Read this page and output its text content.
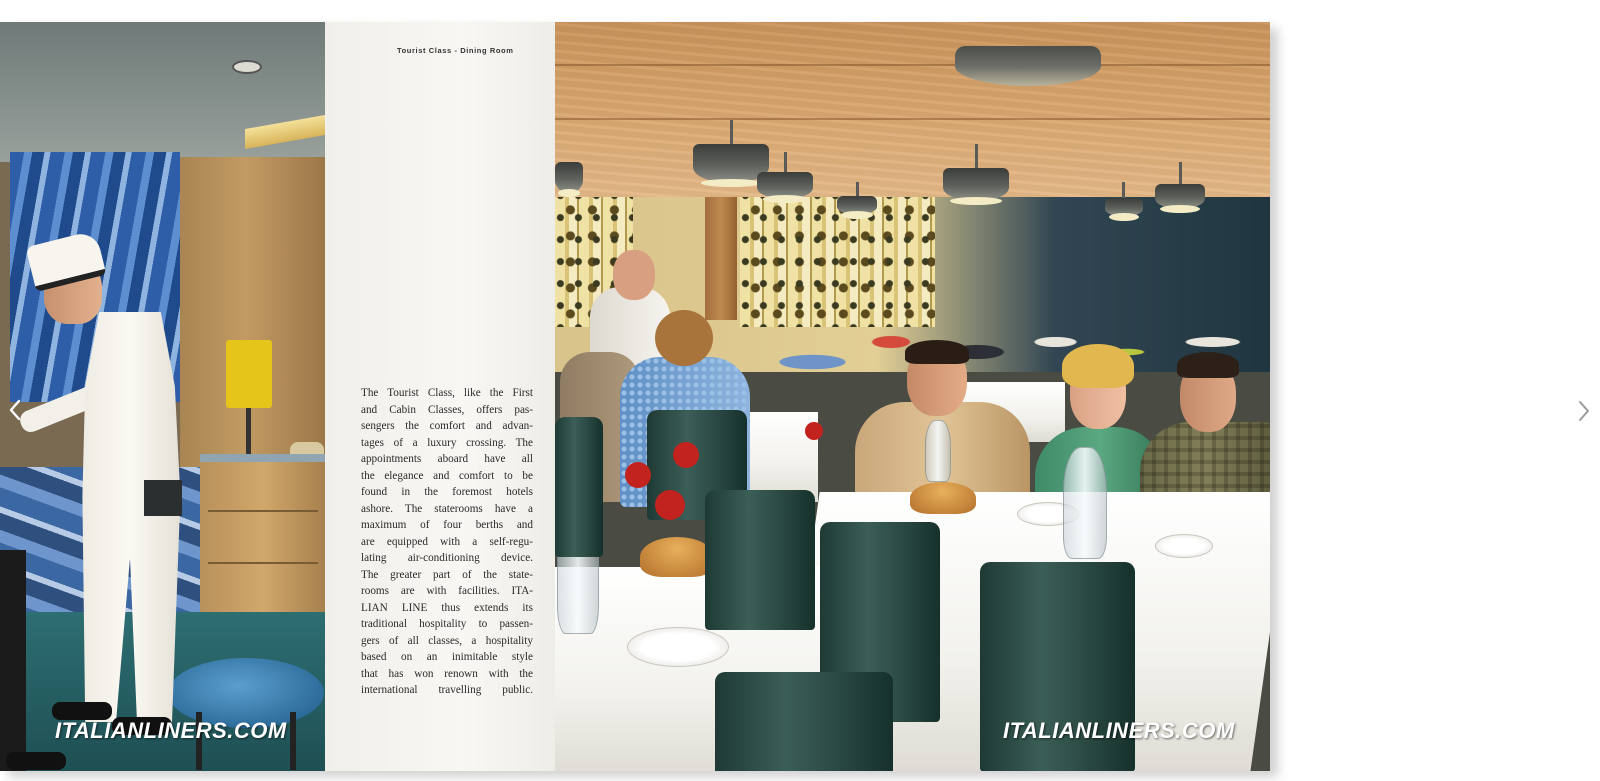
Tourist Class - Dining Room
The Tourist Class, like the First
and Cabin Classes, offers pas-
sengers the comfort and advan-
tages of a luxury crossing. The
appointments aboard have all
the elegance and comfort to be
found in the foremost hotels
ashore. The staterooms have a
maximum of four berths and
are equipped with a self-regu-
lating air-conditioning device.
The greater part of the state-
rooms are with facilities. ITA-
LIAN LINE thus extends its
traditional hospitality to passen-
gers of all classes, a hospitality
based on an inimitable style
that has won renown with the
international travelling public.
ITALIANLINERS.COM	ITALIANLINERS.COM
